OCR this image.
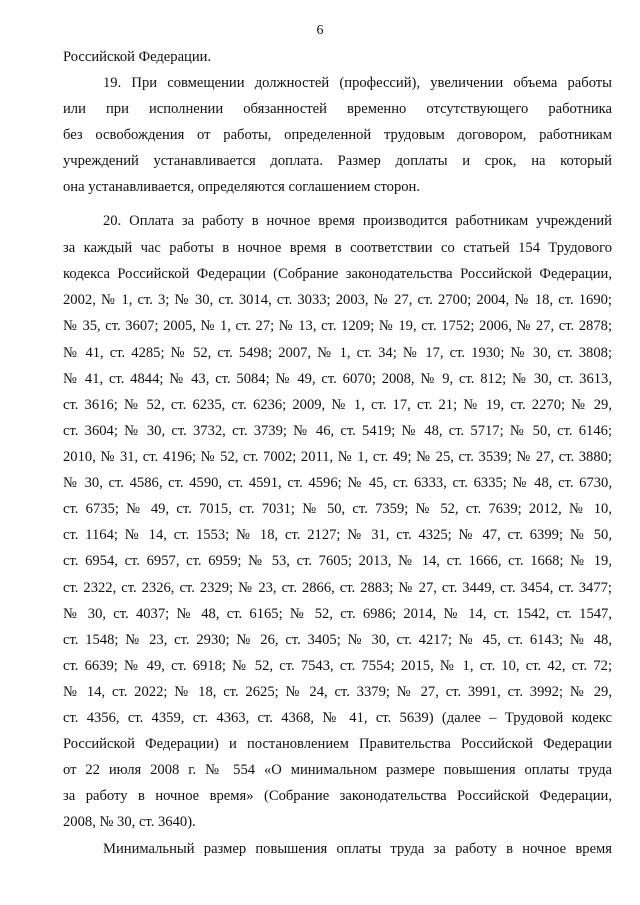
6
Российской Федерации.
19. При совмещении должностей (профессий), увеличении объема работы
или при исполнении обязанностей временно отсутствующего работника
без освобождения от работы, определенной трудовым договором, работникам
учреждений устанавливается доплата. Размер доплаты и срок, на который
она устанавливается, определяются соглашением сторон.
20. Оплата за работу в ночное время производится работникам учреждений
за каждый час работы в ночное время в соответствии со статьей 154 Трудового
кодекса Российской Федерации (Собрание законодательства Российской Федерации,
2002, № 1, ст. 3; № 30, ст. 3014, ст. 3033; 2003, № 27, ст. 2700; 2004, № 18, ст. 1690;
№ 35, ст. 3607; 2005, № 1, ст. 27; № 13, ст. 1209; № 19, ст. 1752; 2006, № 27, ст. 2878;
№ 41, ст. 4285; № 52, ст. 5498; 2007, № 1, ст. 34; № 17, ст. 1930; № 30, ст. 3808;
№ 41, ст. 4844; № 43, ст. 5084; № 49, ст. 6070; 2008, № 9, ст. 812; № 30, ст. 3613,
ст. 3616; № 52, ст. 6235, ст. 6236; 2009, № 1, ст. 17, ст. 21; № 19, ст. 2270; № 29,
ст. 3604; № 30, ст. 3732, ст. 3739; № 46, ст. 5419; № 48, ст. 5717; № 50, ст. 6146;
2010, № 31, ст. 4196; № 52, ст. 7002; 2011, № 1, ст. 49; № 25, ст. 3539; № 27, ст. 3880;
№ 30, ст. 4586, ст. 4590, ст. 4591, ст. 4596; № 45, ст. 6333, ст. 6335; № 48, ст. 6730,
ст. 6735; № 49, ст. 7015, ст. 7031; № 50, ст. 7359; № 52, ст. 7639; 2012, № 10,
ст. 1164; № 14, ст. 1553; № 18, ст. 2127; № 31, ст. 4325; № 47, ст. 6399; № 50,
ст. 6954, ст. 6957, ст. 6959; № 53, ст. 7605; 2013, № 14, ст. 1666, ст. 1668; № 19,
ст. 2322, ст. 2326, ст. 2329; № 23, ст. 2866, ст. 2883; № 27, ст. 3449, ст. 3454, ст. 3477;
№ 30, ст. 4037; № 48, ст. 6165; № 52, ст. 6986; 2014, № 14, ст. 1542, ст. 1547,
ст. 1548; № 23, ст. 2930; № 26, ст. 3405; № 30, ст. 4217; № 45, ст. 6143; № 48,
ст. 6639; № 49, ст. 6918; № 52, ст. 7543, ст. 7554; 2015, № 1, ст. 10, ст. 42, ст. 72;
№ 14, ст. 2022; № 18, ст. 2625; № 24, ст. 3379; № 27, ст. 3991, ст. 3992; № 29,
ст. 4356, ст. 4359, ст. 4363, ст. 4368, № 41, ст. 5639) (далее – Трудовой кодекс
Российской Федерации) и постановлением Правительства Российской Федерации
от 22 июля 2008 г. № 554 «О минимальном размере повышения оплаты труда
за работу в ночное время» (Собрание законодательства Российской Федерации,
2008, № 30, ст. 3640).
Минимальный размер повышения оплаты труда за работу в ночное время
